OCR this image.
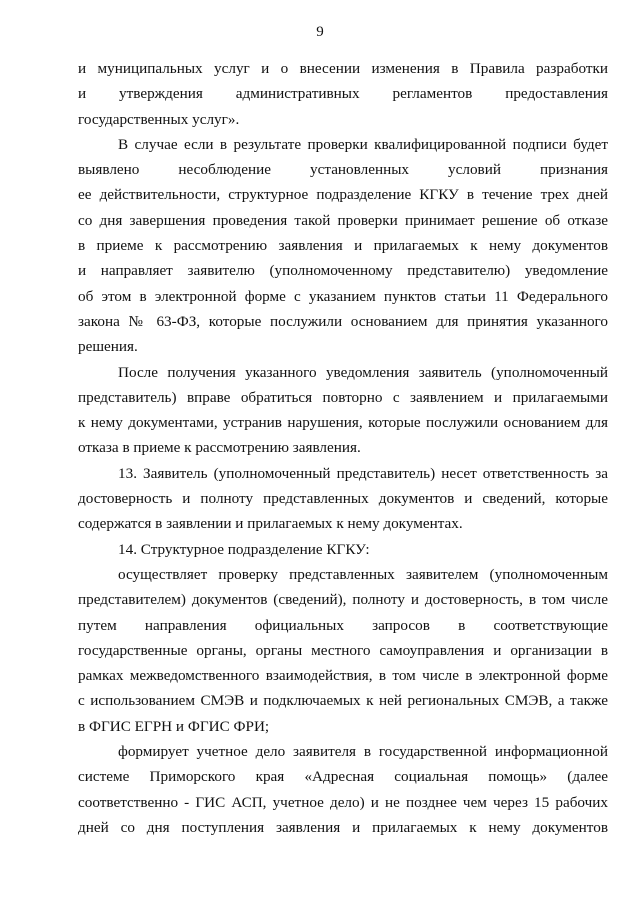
9
и муниципальных услуг и о внесении изменения в Правила разработки
и утверждения административных регламентов предоставления
государственных услуг».
В случае если в результате проверки квалифицированной подписи будет
выявлено несоблюдение установленных условий признания
ее действительности, структурное подразделение КГКУ в течение трех дней
со дня завершения проведения такой проверки принимает решение об отказе
в приеме к рассмотрению заявления и прилагаемых к нему документов
и направляет заявителю (уполномоченному представителю) уведомление
об этом в электронной форме с указанием пунктов статьи 11 Федерального
закона № 63-ФЗ, которые послужили основанием для принятия указанного
решения.
После получения указанного уведомления заявитель (уполномоченный
представитель) вправе обратиться повторно с заявлением и прилагаемыми
к нему документами, устранив нарушения, которые послужили основанием для
отказа в приеме к рассмотрению заявления.
13. Заявитель (уполномоченный представитель) несет ответственность за
достоверность и полноту представленных документов и сведений, которые
содержатся в заявлении и прилагаемых к нему документах.
14. Структурное подразделение КГКУ:
осуществляет проверку представленных заявителем (уполномоченным
представителем) документов (сведений), полноту и достоверность, в том числе
путем направления официальных запросов в соответствующие
государственные органы, органы местного самоуправления и организации в
рамках межведомственного взаимодействия, в том числе в электронной форме
с использованием СМЭВ и подключаемых к ней региональных СМЭВ, а также
в ФГИС ЕГРН и ФГИС ФРИ;
формирует учетное дело заявителя в государственной информационной
системе Приморского края «Адресная социальная помощь» (далее
соответственно - ГИС АСП, учетное дело) и не позднее чем через 15 рабочих
дней со дня поступления заявления и прилагаемых к нему документов
